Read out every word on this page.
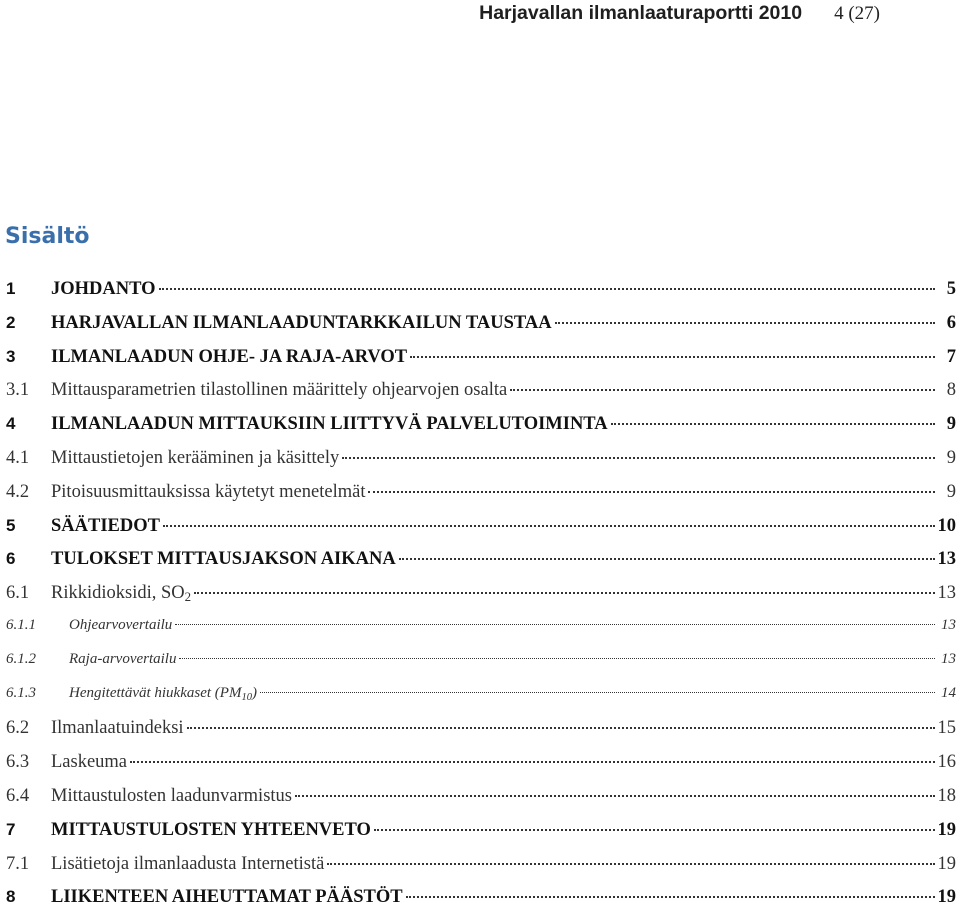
Harjavallan ilmanlaaturaportti 2010 4 (27)
Sisältö
1	JOHDANTO	5
2	HARJAVALLAN ILMANLAADUNTARKKAILUN TAUSTAA	6
3	ILMANLAADUN OHJE- JA RAJA-ARVOT	7
3.1	Mittausparametrien tilastollinen määrittely ohjearvojen osalta	8
4	ILMANLAADUN MITTAUKSIIN LIITTYVÄ PALVELUTOIMINTA	9
4.1	Mittaustietojen kerääminen ja käsittely	9
4.2	Pitoisuusmittauksissa käytetyt menetelmät	9
5	SÄÄTIEDOT	10
6	TULOKSET MITTAUSJAKSON AIKANA	13
6.1	Rikkidioksidi, $SO_2$	13
6.1.1	Ohjearvovertailu	13
6.1.2	Raja-arvovertailu	13
6.1.3	Hengitettävät hiukkaset $(PM_{10})$	14
6.2	Ilmanlaatuindeksi	15
6.3	Laskeuma	16
6.4	Mittaustulosten laadunvarmistus	18
7	MITTAUSTULOSTEN YHTEENVETO	19
7.1	Lisätietoja ilmanlaadusta Internetistä	19
8	LIIKENTEEN AIHEUTTAMAT PÄÄSTÖT	19
